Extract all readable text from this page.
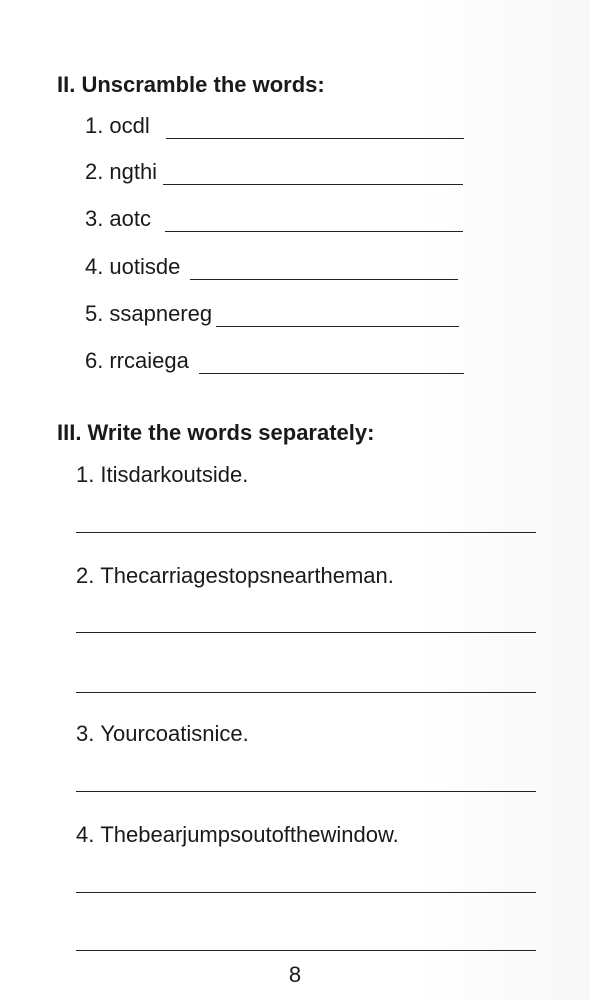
II. Unscramble the words:
1. ocdl
2. ngthi
3. aotc
4. uotisde
5. ssapnereg
6. rrcaiega
III. Write the words separately:
1. Itisdarkoutside.
2. Thecarriagestopsneartheman.
3. Yourcoatisnice.
4. Thebearjumpsoutofthewindow.
8
